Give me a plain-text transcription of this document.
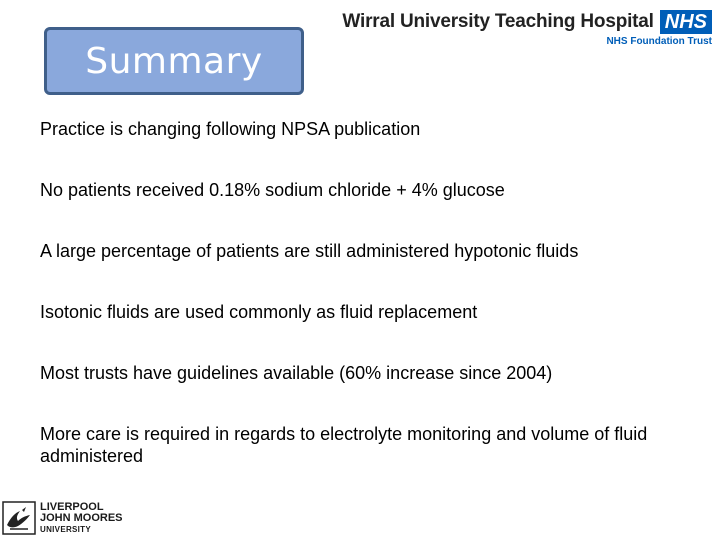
Summary
Wirral University Teaching Hospital NHS
NHS Foundation Trust
Practice is changing following NPSA publication
No patients received 0.18% sodium chloride + 4% glucose
A large percentage of patients are still administered hypotonic fluids
Isotonic fluids are used commonly as fluid replacement
Most trusts have guidelines available (60% increase since 2004)
More care is required in regards to electrolyte monitoring and volume of fluid administered
LIVERPOOL
JOHN MOORES
UNIVERSITY
